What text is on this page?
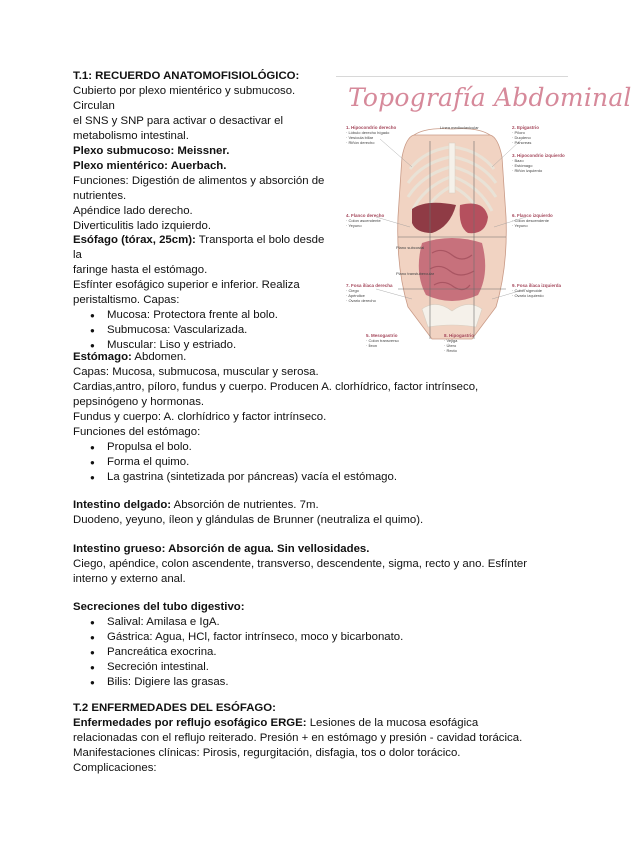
T.1: RECUERDO ANATOMOFISIOLÓGICO:

Cubierto por plexo mientérico y submucoso. Circulan

el SNS y SNP para activar o desactivar el

metabolismo intestinal.

Plexo submucoso: Meissner.

Plexo mientérico: Auerbach.

Funciones: Digestión de alimentos y absorción de

nutrientes.

Apéndice lado derecho.

Diverticulitis lado izquierdo.

Esófago (tórax, 25cm): Transporta el bolo desde la

faringe hasta el estómago.

Esfínter esofágico superior e inferior. Realiza

peristaltismo. Capas:

● Mucosa: Protectora frente al bolo.
● Submucosa: Vascularizada.
● Muscular: Liso y estriado.

Estómago: Abdomen.

Capas: Mucosa, submucosa, muscular y serosa.

Cardias,antro, píloro, fundus y cuerpo. Producen A. clorhídrico, factor intrínseco,

pepsinógeno y hormonas.

Fundus y cuerpo: A. clorhídrico y factor intrínseco.

Funciones del estómago:

● Propulsa el bolo.
● Forma el quimo.
● La gastrina (sintetizada por páncreas) vacía el estómago.

Intestino delgado: Absorción de nutrientes. 7m.

Duodeno, yeyuno, íleon y glándulas de Brunner (neutraliza el quimo).

Intestino grueso: Absorción de agua. Sin vellosidades.

Ciego, apéndice, colon ascendente, transverso, descendente, sigma, recto y ano. Esfínter

interno y externo anal.

Secreciones del tubo digestivo:

● Salival: Amilasa e IgA.
● Gástrica: Agua, HCl, factor intrínseco, moco y bicarbonato.
● Pancreática exocrina.
● Secreción intestinal.
● Bilis: Digiere las grasas.

T.2 ENFERMEDADES DEL ESÓFAGO:

Enfermedades por reflujo esofágico ERGE: Lesiones de la mucosa esofágica

relacionadas con el reflujo reiterado. Presión + en estómago y presión - cavidad torácica.

Manifestaciones clínicas: Pirosis, regurgitación, disfagia, tos o dolor torácico.

Complicaciones:

Topografía Abdominal
1. Hipocondrio derecho
· Lóbulo derecho hígado
· Vesícula biliar
· Riñón derecho
Línea medioclavicular	2. Epigastrio
· Píloro
· Duodeno
· Páncreas
3. Hipocondrio izquierdo
· Bazo
· Estómago
· Riñón izquierdo
4. Flanco derecho
· Colon ascendente
· Yeyuno
Plano subcostal
6. Flanco izquierdo
· Colon descendente
· Yeyuno
Plano transtubercular
7. Fosa ilíaca derecha
· Ciego
· Apéndice
· Ovario derecho
9. Fosa ilíaca izquierda
· Colon sigmoide
· Ovario izquierdo
5. Mesogastrio
· Colon transverso
· Íleon
8. Hipogastrio
· Vejiga
· Útero
· Recto
